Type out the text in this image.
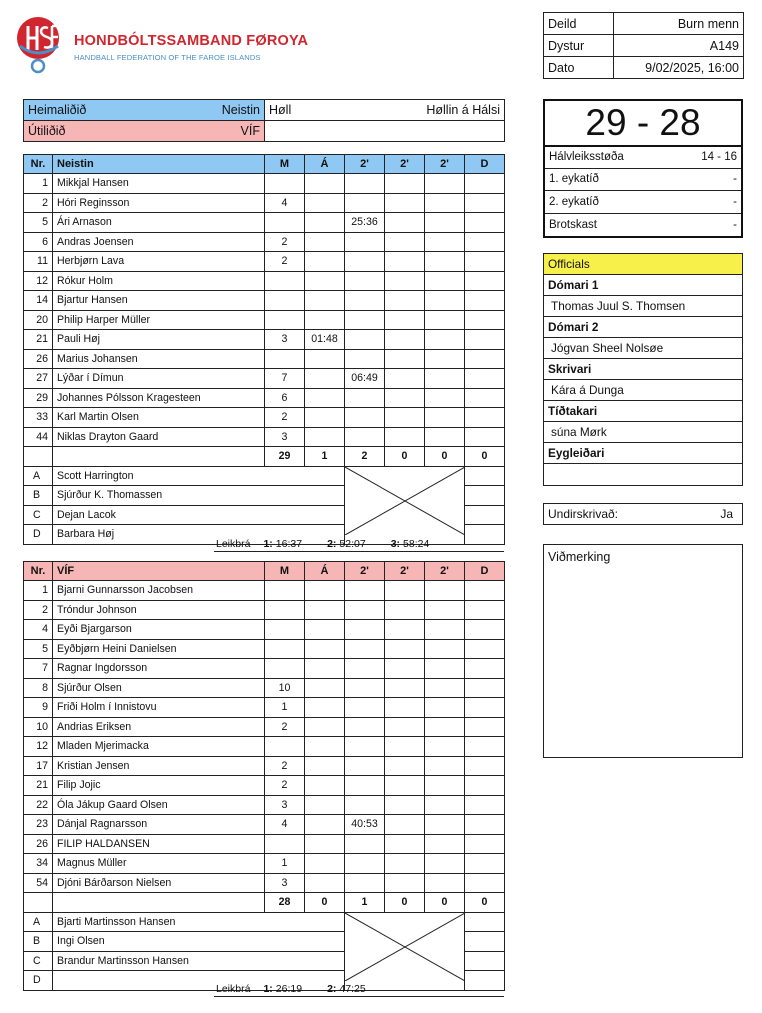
HONDBÓLTSSAMBAND FØROYA
HANDBALL FEDERATION OF THE FAROE ISLANDS
Deild	Burn menn
Dystur	A149
Dato	9/02/2025, 16:00
Heimaliðið Neistin	Høll Høllin á Hálsi

Útiliðið VÍF	

Nr.	Neistin	M	Á	2'	2'	2'	D
1	Mikkjal Hansen						
2	Hóri Reginsson	4					
5	Ári Arnason			25:36			
6	Andras Joensen	2					
11	Herbjørn Lava	2					
12	Rókur Holm						
14	Bjartur Hansen						
20	Philip Harper Müller						
21	Pauli Høj	3	01:48				
26	Marius Johansen						
27	Lýðar í Dímun	7		06:49			
29	Johannes Pólsson Kragesteen	6					
33	Karl Martin Olsen	2					
44	Niklas Drayton Gaard	3					
		29	1	2	0	0	0
A	Scott Harrington	

B	Sjúrður K. Thomassen						
C	Dejan Lacok						
D	Barbara Høj						
Leikbrá 1: 16:37 2: 52:07 3: 58:24
Nr.	VÍF	M	Á	2'	2'	2'	D
1	Bjarni Gunnarsson Jacobsen						
2	Tróndur Johnson						
4	Eyði Bjargarson						
5	Eyðbjørn Heini Danielsen						
7	Ragnar Ingdorsson						
8	Sjúrður Olsen	10					
9	Friði Holm í Innistovu	1					
10	Andrias Eriksen	2					
12	Mladen Mjerimacka						
17	Kristian Jensen	2					
21	Filip Jojic	2					
22	Óla Jákup Gaard Olsen	3					
23	Dánjal Ragnarsson	4		40:53			
26	FILIP HALDANSEN						
34	Magnus Müller	1					
54	Djóni Bárðarson Nielsen	3					
		28	0	1	0	0	0
A	Bjarti Martinsson Hansen	

B	Ingi Olsen						
C	Brandur Martinsson Hansen						
D							
Leikbrá 1: 26:19 2: 47:25
29 - 28
Hálvleiksstøða	14 - 16
1. eykatíð	-
2. eykatíð	-
Brotskast	-
Officials
Dómari 1
Thomas Juul S. Thomsen
Dómari 2
Jógvan Sheel Nolsøe
Skrivari
Kára á Dunga
Tíðtakari
súna Mørk
Eygleiðari
Undirskrivað:	Ja
Viðmerking
